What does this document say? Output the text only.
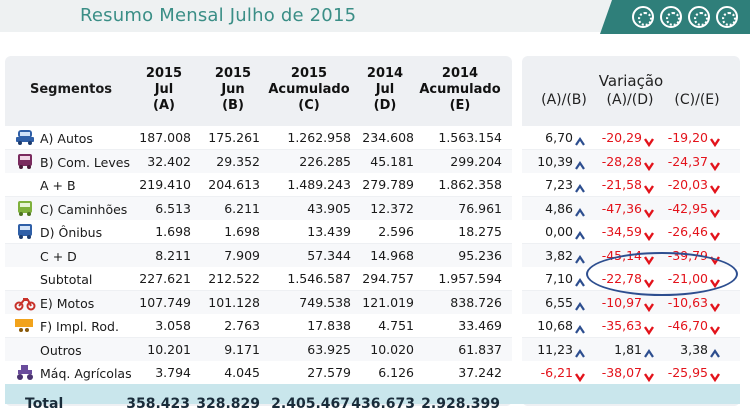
Resumo Mensal Julho de 2015
Segmentos
2015
Jul
(A)
2015
Jun
(B)
2015
Acumulado
(C)
2014
Jul
(D)
2014
Acumulado
(E)
Variação
(A)/(B)	(A)/(D)	(C)/(E)
A) Autos	187.008	175.261	1.262.958 234.608	1.563.154	6,70	-20,29	-19,20
B) Com. Leves	32.402	29.352	226.285	45.181	299.204	10,39	-28,28	-24,37
A + B	219.410	204.613	1.489.243 279.789	1.862.358	7,23	-21,58	-20,03
C) Caminhões	6.513	6.211	43.905	12.372	76.961	4,86	-47,36	-42,95
D) Ônibus	1.698	1.698	13.439	2.596	18.275	0,00	-34,59	-26,46
C + D	8.211	7.909	57.344	14.968	95.236	3,82	-45,14	-39,79
Subtotal	227.621	212.522	1.546.587 294.757	1.957.594	7,10	-22,78	-21,00
E) Motos	107.749	101.128	749.538 121.019	838.726	6,55	-10,97	-10,63
F) Impl. Rod.	3.058	2.763	17.838	4.751	33.469	10,68	-35,63	-46,70
Outros	10.201	9.171	63.925	10.020	61.837	11,23	1,81	3,38
Máq. Agrícolas	3.794	4.045	27.579	6.126	37.242	-6,21	-38,07	-25,95
Total	358.423 328.829 2.405.467 436.673 2.928.399
